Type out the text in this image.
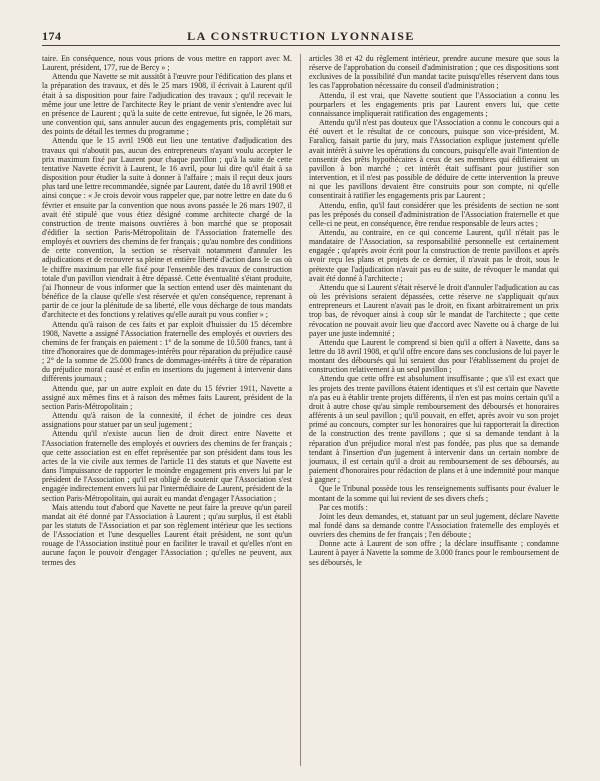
174	LA CONSTRUCTION LYONNAISE

taire. En conséquence, nous vous prions de vous mettre en rapport avec M. Laurent, président, 177, rue de Bercy » ;

Attendu que Navette se mit aussitôt à l'œuvre pour l'édification des plans et la préparation des travaux, et dès le 25 mars 1908, il écrivait à Laurent qu'il était à sa disposition pour faire l'adjudication des travaux ; qu'il recevait le même jour une lettre de l'architecte Rey le priant de venir s'entendre avec lui en présence de Laurent ; qu'à la suite de cette entrevue, fut signée, le 26 mars, une convention qui, sans annuler aucun des engagements pris, complétait sur des points de détail les termes du programme ;

Attendu que le 15 avril 1908 eut lieu une tentative d'adjudication des travaux qui n'aboutit pas, aucun des entrepreneurs n'ayant voulu accepter le prix maximum fixé par Laurent pour chaque pavillon ; qu'à la suite de cette tentative Navette écrivit à Laurent, le 16 avril, pour lui dire qu'il était à sa disposition pour étudier la suite à donner à l'affaire ; mais il reçut deux jours plus tard une lettre recommandée, signée par Laurent, datée du 18 avril 1908 et ainsi conçue : « Je crois devoir vous rappeler que, par notre lettre en date du 6 février et ensuite par la convention que nous avons passée le 26 mars 1907, il avait été stipulé que vous étiez désigné comme architecte chargé de la construction de trente maisons ouvrières à bon marché que se proposait d'édifier la section Paris-Métropolitain de l'Association fraternelle des employés et ouvriers des chemins de fer français ; qu'au nombre des conditions de cette convention, la section se réservait notamment d'annuler les adjudications et de recouvrer sa pleine et entière liberté d'action dans le cas où le chiffre maximum par elle fixé pour l'ensemble des travaux de construction totale d'un pavillon viendrait à être dépassé. Cette éventualité s'étant produite, j'ai l'honneur de vous informer que la section entend user dès maintenant du bénéfice de la clause qu'elle s'est réservée et qu'en conséquence, reprenant à partir de ce jour la plénitude de sa liberté, elle vous décharge de tous mandats d'architecte et des fonctions y relatives qu'elle aurait pu vous confier » ;

Attendu qu'à raison de ces faits et par exploit d'huissier du 15 décembre 1908, Navette a assigné l'Association fraternelle des employés et ouvriers des chemins de fer français en paiement : 1° de la somme de 10.500 francs, tant à titre d'honoraires que de dommages-intérêts pour réparation du préjudice causé ; 2° de la somme de 25.000 francs de dommages-intérêts à titre de réparation du préjudice moral causé et enfin en insertions du jugement à intervenir dans différents journaux ;

Attendu que, par un autre exploit en date du 15 février 1911, Navette a assigné aux mêmes fins et à raison des mêmes faits Laurent, président de la section Paris-Métropolitain ;

Attendu qu'à raison de la connexité, il échet de joindre ces deux assignations pour statuer par un seul jugement ;

Attendu qu'il n'existe aucun lien de droit direct entre Navette et l'Association fraternelle des employés et ouvriers des chemins de fer français ; que cette association est en effet représentée par son président dans tous les actes de la vie civile aux termes de l'article 11 des statuts et que Navette est dans l'impuissance de rapporter le moindre engagement pris envers lui par le président de l'Association ; qu'il est obligé de soutenir que l'Association s'est engagée indirectement envers lui par l'intermédiaire de Laurent, président de la section Paris-Métropolitain, qui aurait eu mandat d'engager l'Association ;

Mais attendu tout d'abord que Navette ne peut faire la preuve qu'un pareil mandat ait été donné par l'Association à Laurent ; qu'au surplus, il est établi par les statuts de l'Association et par son règlement intérieur que les sections de l'Association et l'une desquelles Laurent était président, ne sont qu'un rouage de l'Association institué pour en faciliter le travail et qu'elles n'ont en aucune façon le pouvoir d'engager l'Association ; qu'elles ne peuvent, aux termes des

articles 38 et 42 du règlement intérieur, prendre aucune mesure que sous la réserve de l'approbation du conseil d'administration ; que ces dispositions sont exclusives de la possibilité d'un mandat tacite puisqu'elles réservent dans tous les cas l'approbation nécessaire du conseil d'administration ;

Attendu, il est vrai, que Navette soutient que l'Association a connu les pourparlers et les engagements pris par Laurent envers lui, que cette connaissance impliquerait ratification des engagements ;

Attendu qu'il n'est pas douteux que l'Association a connu le concours qui a été ouvert et le résultat de ce concours, puisque son vice-président, M. Faralicq, faisait partie du jury, mais l'Association explique justement qu'elle avait intérêt à suivre les opérations du concours, puisqu'elle avait l'intention de consentir des prêts hypothécaires à ceux de ses membres qui édifieraient un pavillon à bon marché ; cet intérêt était suffisant pour justifier son intervention, et il n'est pas possible de déduire de cette intervention la preuve ni que les pavillons devaient être construits pour son compte, ni qu'elle consentirait à ratifier les engagements pris par Laurent ;

Attendu, enfin, qu'il faut considérer que les présidents de section ne sont pas les préposés du conseil d'administration de l'Association fraternelle et que celle-ci ne peut, en conséquence, être rendue responsable de leurs actes ;

Attendu, au contraire, en ce qui concerne Laurent, qu'il n'était pas le mandataire de l'Association, sa responsabilité personnelle est certainement engagée ; qu'après avoir écrit pour la construction de trente pavillons et après avoir reçu les plans et projets de ce dernier, il n'avait pas le droit, sous le prétexte que l'adjudication n'avait pas eu de suite, de révoquer le mandat qui avait été donné à l'architecte ;

Attendu que si Laurent s'était réservé le droit d'annuler l'adjudication au cas où les prévisions seraient dépassées, cette réserve ne s'appliquait qu'aux entrepreneurs et Laurent n'avait pas le droit, en fixant arbitrairement un prix trop bas, de révoquer ainsi à coup sûr le mandat de l'architecte ; que cette révocation ne pouvait avoir lieu que d'accord avec Navette ou à charge de lui payer une juste indemnité ;

Attendu que Laurent le comprend si bien qu'il a offert à Navette, dans sa lettre du 18 avril 1908, et qu'il offre encore dans ses conclusions de lui payer le montant des déboursés qui lui seraient dus pour l'établissement du projet de construction relativement à un seul pavillon ;

Attendu que cette offre est absolument insuffisante ; que s'il est exact que les projets des trente pavillons étaient identiques et s'il est certain que Navette n'a pas eu à établir trente projets différents, il n'en est pas moins certain qu'il a droit à autre chose qu'au simple remboursement des déboursés et honoraires afférents à un seul pavillon ; qu'il pouvait, en effet, après avoir vu son projet primé au concours, compter sur les honoraires que lui rapporterait la direction de la construction des trente pavillons ; que si sa demande tendant à la réparation d'un préjudice moral n'est pas fondée, pas plus que sa demande tendant à l'insertion d'un jugement à intervenir dans un certain nombre de journaux, il est certain qu'il a droit au remboursement de ses déboursés, au paiement d'honoraires pour rédaction de plans et à une indemnité pour manque à gagner ;

Que le Tribunal possède tous les renseignements suffisants pour évaluer le montant de la somme qui lui revient de ses divers chefs ;

Par ces motifs :

Joint les deux demandes, et, statuant par un seul jugement, déclare Navette mal fondé dans sa demande contre l'Association fraternelle des employés et ouvriers des chemins de fer français ; l'en déboute ;

Donne acte à Laurent de son offre ; la déclare insuffisante ; condamne Laurent à payer à Navette la somme de 3.000 francs pour le remboursement de ses déboursés, le
